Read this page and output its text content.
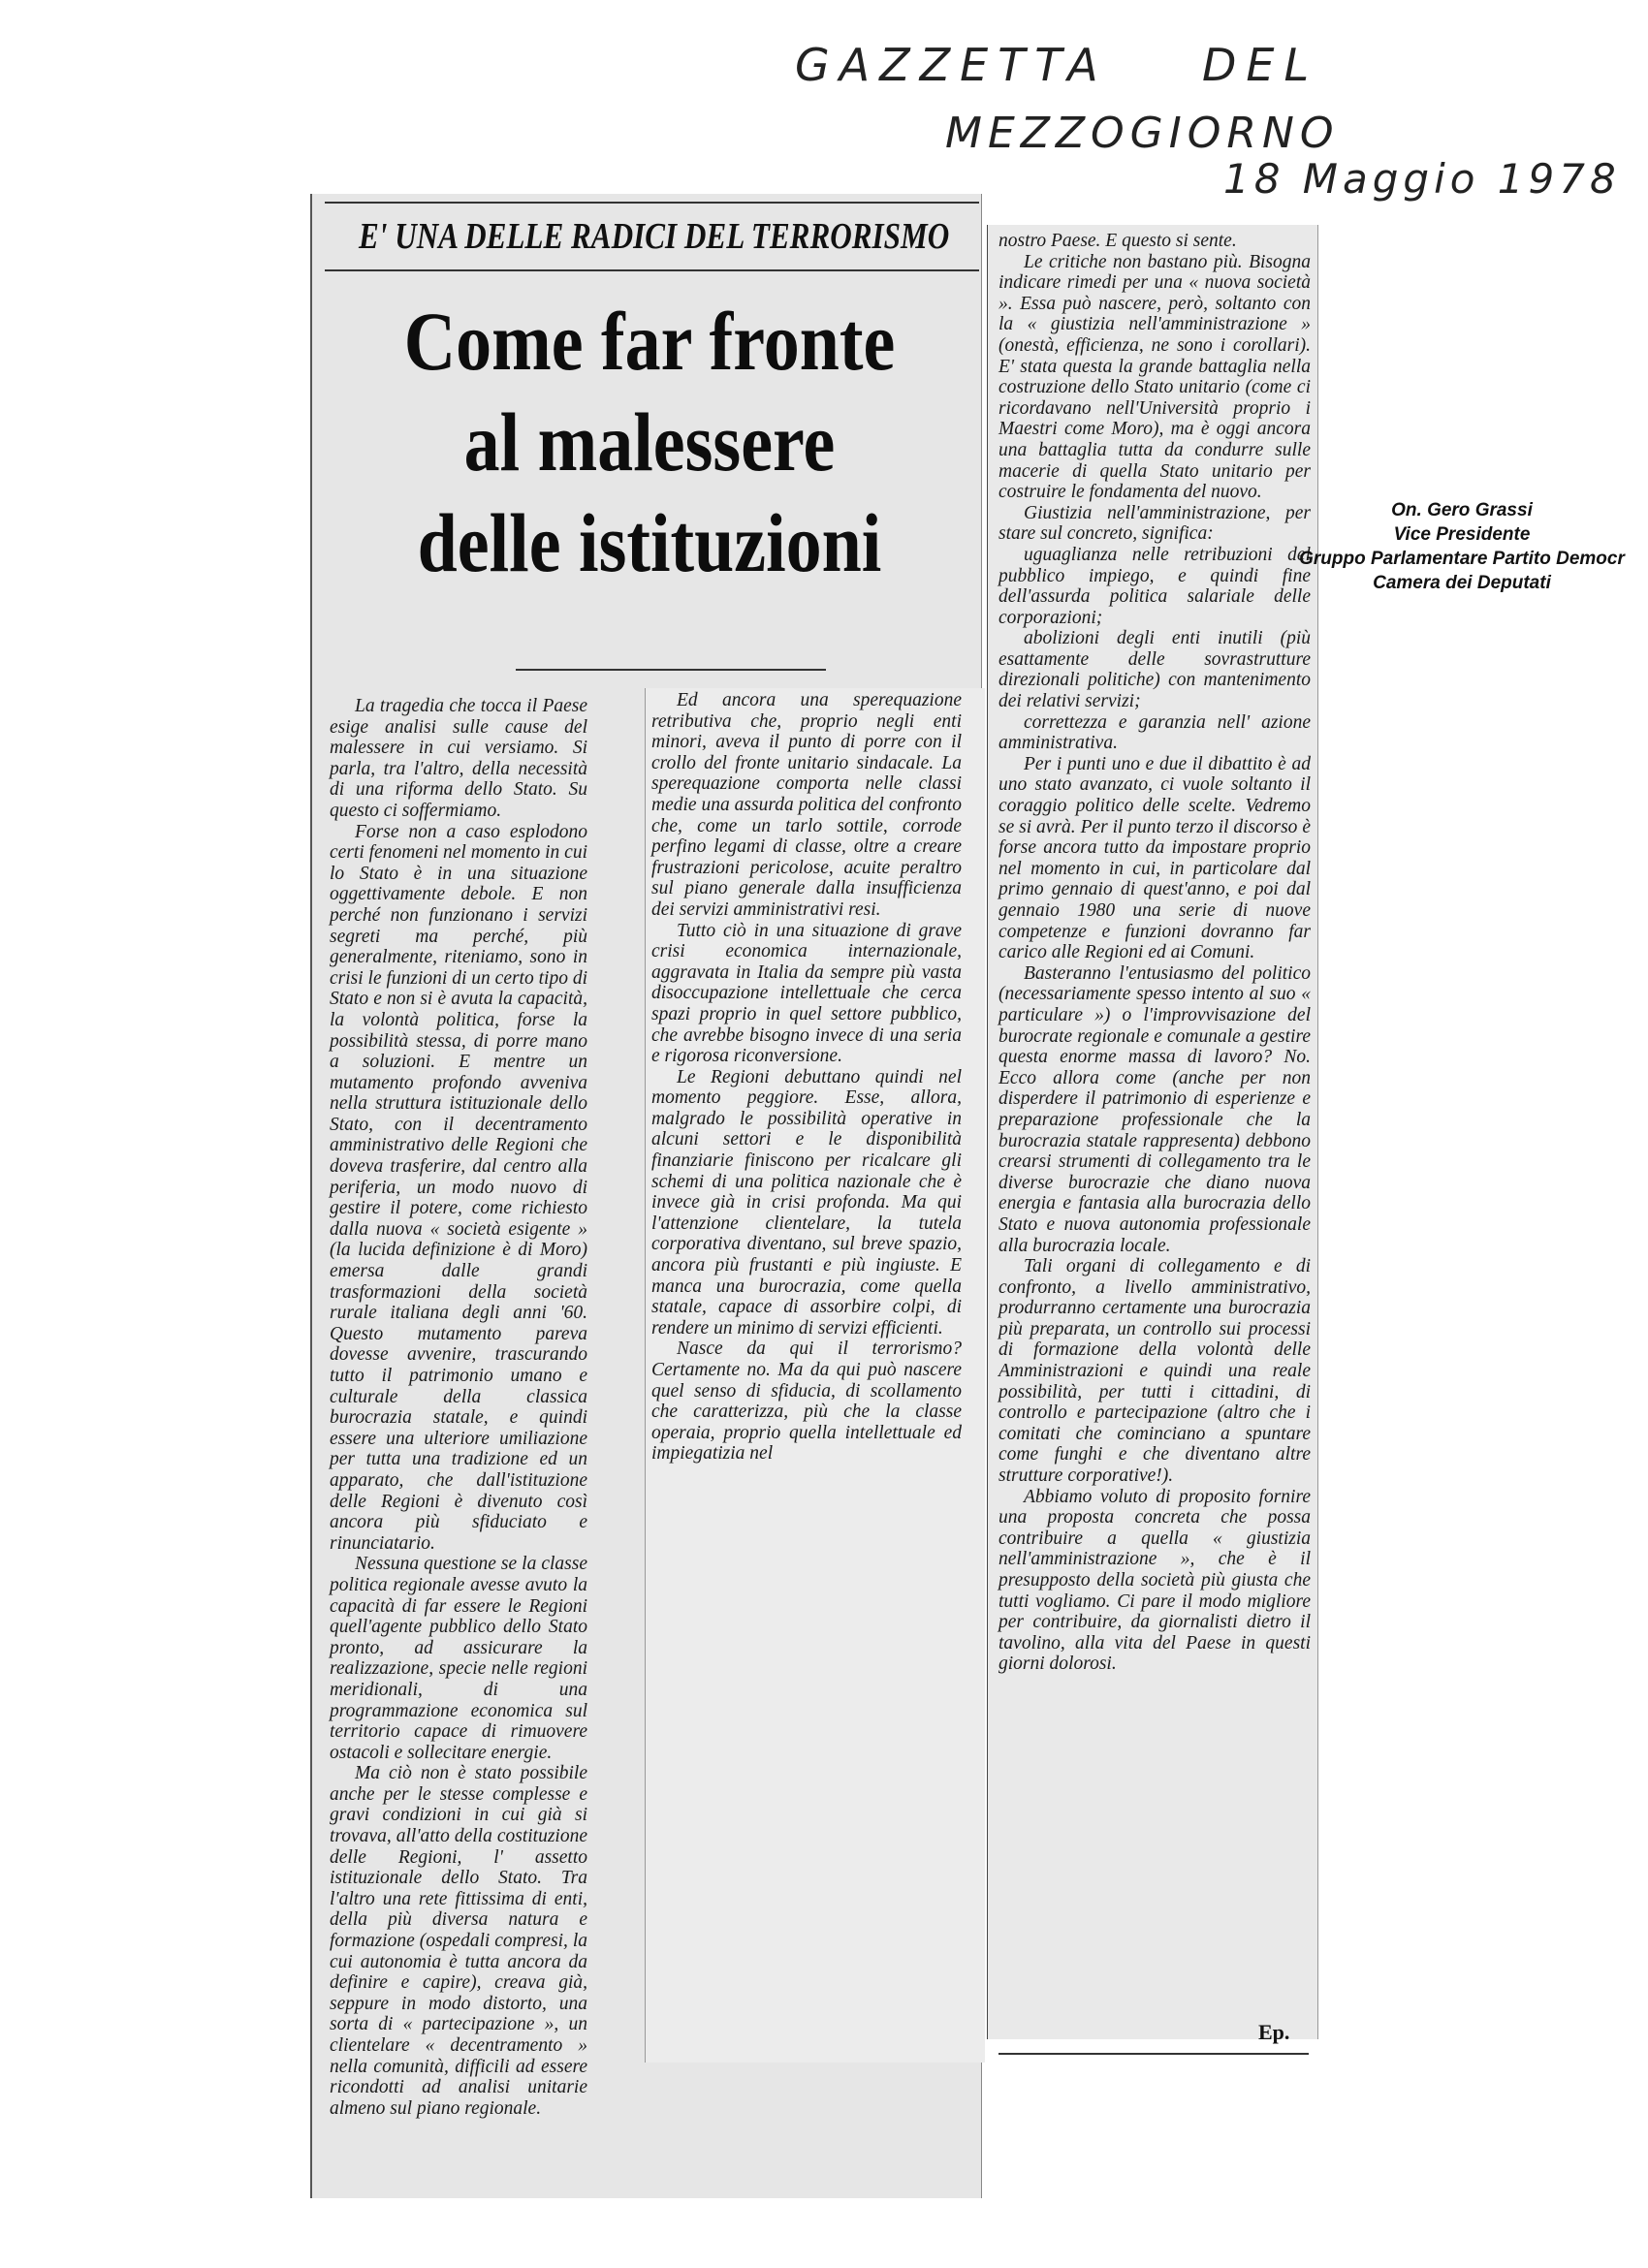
GAZZETTA DEL
MEZZOGIORNO
18 Maggio 1978
E' UNA DELLE RADICI DEL TERRORISMO
Come far fronte
al malessere
delle istituzioni

La tragedia che tocca il Paese esige analisi sulle cause del malessere in cui versiamo. Si parla, tra l'altro, della necessità di una riforma dello Stato. Su questo ci soffermiamo.

Forse non a caso esplodono certi fenomeni nel momento in cui lo Stato è in una situazione oggettivamente debole. E non perché non funzionano i servizi segreti ma perché, più generalmente, riteniamo, sono in crisi le funzioni di un certo tipo di Stato e non si è avuta la capacità, la volontà politica, forse la possibilità stessa, di porre mano a soluzioni. E mentre un mutamento profondo avveniva nella struttura istituzionale dello Stato, con il decentramento amministrativo delle Regioni che doveva trasferire, dal centro alla periferia, un modo nuovo di gestire il potere, come richiesto dalla nuova « società esigente » (la lucida definizione è di Moro) emersa dalle grandi trasformazioni della società rurale italiana degli anni '60. Questo mutamento pareva dovesse avvenire, trascurando tutto il patrimonio umano e culturale della classica burocrazia statale, e quindi essere una ulteriore umiliazione per tutta una tradizione ed un apparato, che dall'istituzione delle Regioni è divenuto così ancora più sfiduciato e rinunciatario.

Nessuna questione se la classe politica regionale avesse avuto la capacità di far essere le Regioni quell'agente pubblico dello Stato pronto, ad assicurare la realizzazione, specie nelle regioni meridionali, di una programmazione economica sul territorio capace di rimuovere ostacoli e sollecitare energie.

Ma ciò non è stato possibile anche per le stesse complesse e gravi condizioni in cui già si trovava, all'atto della costituzione delle Regioni, l' assetto istituzionale dello Stato. Tra l'altro una rete fittissima di enti, della più diversa natura e formazione (ospedali compresi, la cui autonomia è tutta ancora da definire e capire), creava già, seppure in modo distorto, una sorta di « partecipazione », un clientelare « decentramento » nella comunità, difficili ad essere ricondotti ad analisi unitarie almeno sul piano regionale.

Ed ancora una sperequazione retributiva che, proprio negli enti minori, aveva il punto di porre con il crollo del fronte unitario sindacale. La sperequazione comporta nelle classi medie una assurda politica del confronto che, come un tarlo sottile, corrode perfino legami di classe, oltre a creare frustrazioni pericolose, acuite peraltro sul piano generale dalla insufficienza dei servizi amministrativi resi.

Tutto ciò in una situazione di grave crisi economica internazionale, aggravata in Italia da sempre più vasta disoccupazione intellettuale che cerca spazi proprio in quel settore pubblico, che avrebbe bisogno invece di una seria e rigorosa riconversione.

Le Regioni debuttano quindi nel momento peggiore. Esse, allora, malgrado le possibilità operative in alcuni settori e le disponibilità finanziarie finiscono per ricalcare gli schemi di una politica nazionale che è invece già in crisi profonda. Ma qui l'attenzione clientelare, la tutela corporativa diventano, sul breve spazio, ancora più frustanti e più ingiuste. E manca una burocrazia, come quella statale, capace di assorbire colpi, di rendere un minimo di servizi efficienti.

Nasce da qui il terrorismo? Certamente no. Ma da qui può nascere quel senso di sfiducia, di scollamento che caratterizza, più che la classe operaia, proprio quella intellettuale ed impiegatizia nel

nostro Paese. E questo si sente.

Le critiche non bastano più. Bisogna indicare rimedi per una « nuova società ». Essa può nascere, però, soltanto con la « giustizia nell'amministrazione » (onestà, efficienza, ne sono i corollari). E' stata questa la grande battaglia nella costruzione dello Stato unitario (come ci ricordavano nell'Università proprio i Maestri come Moro), ma è oggi ancora una battaglia tutta da condurre sulle macerie di quella Stato unitario per costruire le fondamenta del nuovo.

Giustizia nell'amministrazione, per stare sul concreto, significa:

uguaglianza nelle retribuzioni del pubblico impiego, e quindi fine dell'assurda politica salariale delle corporazioni;

abolizioni degli enti inutili (più esattamente delle sovrastrutture direzionali politiche) con mantenimento dei relativi servizi;

correttezza e garanzia nell' azione amministrativa.

Per i punti uno e due il dibattito è ad uno stato avanzato, ci vuole soltanto il coraggio politico delle scelte. Vedremo se si avrà. Per il punto terzo il discorso è forse ancora tutto da impostare proprio nel momento in cui, in particolare dal primo gennaio di quest'anno, e poi dal gennaio 1980 una serie di nuove competenze e funzioni dovranno far carico alle Regioni ed ai Comuni.

Basteranno l'entusiasmo del politico (necessariamente spesso intento al suo « particulare ») o l'improvvisazione del burocrate regionale e comunale a gestire questa enorme massa di lavoro? No. Ecco allora come (anche per non disperdere il patrimonio di esperienze e preparazione professionale che la burocrazia statale rappresenta) debbono crearsi strumenti di collegamento tra le diverse burocrazie che diano nuova energia e fantasia alla burocrazia dello Stato e nuova autonomia professionale alla burocrazia locale.

Tali organi di collegamento e di confronto, a livello amministrativo, produrranno certamente una burocrazia più preparata, un controllo sui processi di formazione della volontà delle Amministrazioni e quindi una reale possibilità, per tutti i cittadini, di controllo e partecipazione (altro che i comitati che cominciano a spuntare come funghi e che diventano altre strutture corporative!).

Abbiamo voluto di proposito fornire una proposta concreta che possa contribuire a quella « giustizia nell'amministrazione », che è il presupposto della società più giusta che tutti vogliamo. Ci pare il modo migliore per contribuire, da giornalisti dietro il tavolino, alla vita del Paese in questi giorni dolorosi.

Ep.
On. Gero Grassi
Vice Presidente
Gruppo Parlamentare Partito Democr
Camera dei Deputati
